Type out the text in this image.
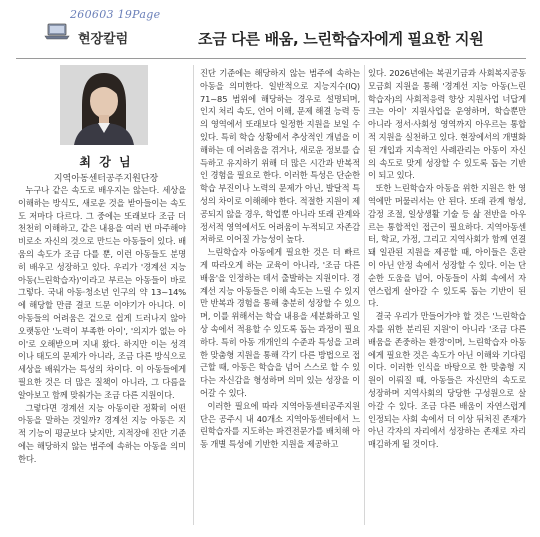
260603 19Page
현장칼럼	조금 다른 배움, 느린학습자에게 필요한 지원
최 강 님
지역아동센터공주지원단장

누구나 같은 속도로 배우지는 않는다. 세상을 이해하는 방식도, 새로운 것을 받아들이는 속도도 저마다 다르다. 그 중에는 또래보다 조금 더 천천히 이해하고, 같은 내용을 여러 번 마주해야 비로소 자신의 것으로 만드는 아동들이 있다. 배움의 속도가 조금 다를 뿐, 이런 아동들도 분명히 배우고 성장하고 있다. 우리가 '경계선 지능 아동(느린학습자)'이라고 부르는 아동들이 바로 그렇다. 국내 아동·청소년 인구의 약 13~14%에 해당할 만큼 결코 드문 이야기가 아니다. 이 아동들의 어려움은 겉으로 쉽게 드러나지 않아 오랫동안 '노력이 부족한 아이', '의지가 없는 아이'로 오해받으며 지내 왔다. 하지만 이는 성격이나 태도의 문제가 아니라, 조금 다른 방식으로 세상을 배워가는 특성의 차이다. 이 아동들에게 필요한 것은 더 많은 질책이 아니라, 그 다름을 알아보고 함께 맞춰가는 조금 다른 지원이다.

그렇다면 경계선 지능 아동이란 정확히 어떤 아동을 말하는 것일까? 경계선 지능 아동은 지적 기능이 평균보다 낮지만, 지적장애 진단 기준에는 해당하지 않는 범주에 속하는 아동을 의미한다.

진단 기준에는 해당하지 않는 범주에 속하는 아동을 의미한다. 일반적으로 지능지수(IQ) 71~85 범위에 해당하는 경우로 설명되며, 인지 처리 속도, 언어 이해, 문제 해결 능력 등의 영역에서 또래보다 일정한 지원을 보일 수 있다. 특히 학습 상황에서 추상적인 개념을 이해하는 데 어려움을 겪거나, 새로운 정보를 습득하고 유지하기 위해 더 많은 시간과 반복적인 경험을 필요로 한다. 이러한 특성은 단순한 학습 부진이나 노력의 문제가 아닌, 발달적 특성의 차이로 이해해야 한다. 적절한 지원이 제공되지 않을 경우, 학업뿐 아니라 또래 관계와 정서적 영역에서도 어려움이 누적되고 자존감 저하로 이어질 가능성이 높다.

느린학습자 아동에게 필요한 것은 더 빠르게 따라오게 하는 교육이 아니라, '조금 다른 배움'을 인정하는 데서 출발하는 지원이다. 경계선 지능 아동들은 이해 속도는 느릴 수 있지만 반복과 경험을 통해 충분히 성장할 수 있으며, 이를 위해서는 학습 내용을 세분화하고 일상 속에서 적용할 수 있도록 돕는 과정이 필요하다. 특히 아동 개개인의 수준과 특성을 고려한 맞춤형 지원을 통해 각기 다른 방법으로 접근할 때, 아동은 학습을 넘어 스스로 할 수 있다는 자신감을 형성하며 의미 있는 성장을 이어갈 수 있다.

이러한 필요에 따라 지역아동센터공주지원단은 공주시 내 40개소 지역아동센터에서 느린학습자를 지도하는 파견전문가를 배치해 아동 개별 특성에 기반한 지원을 제공하고

있다. 2026년에는 복권기금과 사회복지공동모금회 지원을 통해 '경계선 지능 아동(느린학습자)의 사회적응력 향상 지원사업 너답게 크는 아이' 지원사업을 운영하며, 학습뿐만 아니라 정서·사회성 영역까지 아우르는 통합적 지원을 실천하고 있다. 현장에서의 개별화된 개입과 지속적인 사례관리는 아동이 자신의 속도로 맞게 성장할 수 있도록 돕는 기반이 되고 있다.

또한 느린학습자 아동을 위한 지원은 한 영역에만 머물러서는 안 된다. 또래 관계 형성, 감정 조절, 일상생활 기술 등 삶 전반을 아우르는 통합적인 접근이 필요하다. 지역아동센터, 학교, 가정, 그리고 지역사회가 함께 연결돼 일관된 지원을 제공할 때, 아이들은 혼란이 아닌 안정 속에서 성장할 수 있다. 이는 단순한 도움을 넘어, 아동들이 사회 속에서 자연스럽게 살아갈 수 있도록 돕는 기반이 된다.

결국 우리가 만들어가야 할 것은 '느린학습자를 위한 분리된 지원'이 아니라 '조금 다른 배움을 존중하는 환경'이며, 느린학습자 아동에게 필요한 것은 속도가 아닌 이해와 기다림이다. 이러한 인식을 바탕으로 한 맞춤형 지원이 이뤄질 때, 아동들은 자신만의 속도로 성장하며 지역사회의 당당한 구성원으로 살아갈 수 있다. 조금 다른 배움이 자연스럽게 인정되는 사회 속에서 더 이상 뒤처진 존재가 아닌 각자의 자리에서 성장하는 존재로 자리매김하게 될 것이다.
